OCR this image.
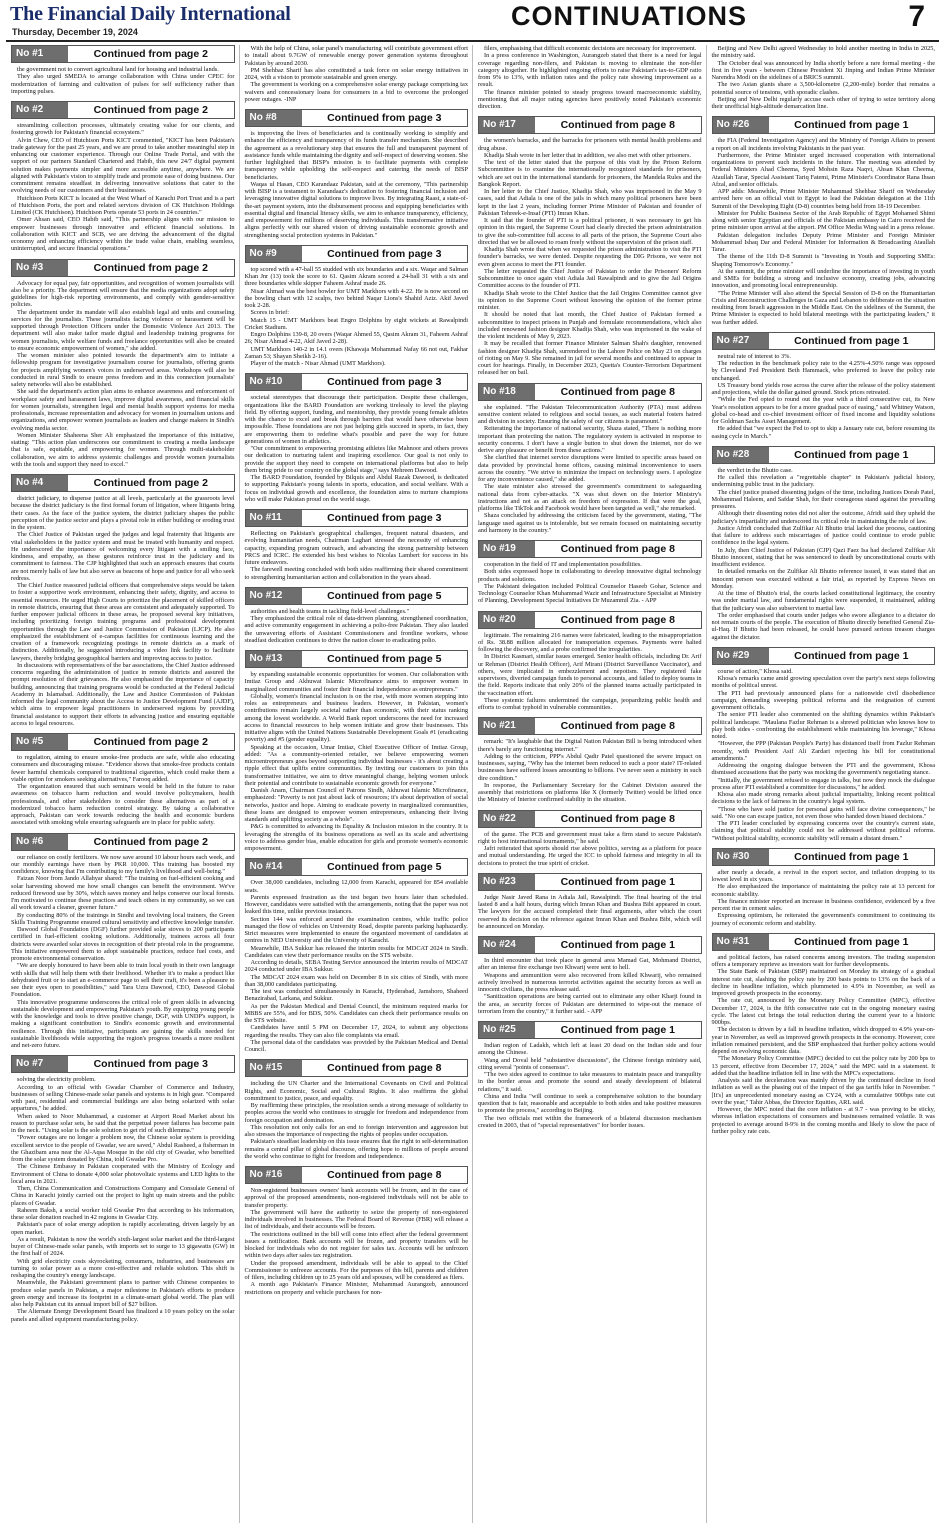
The Financial Daily International
Thursday, December 19, 2024
CONTINUATIONS	7
No #1	Continued from page 2

the government not to convert agricultural land for housing and industrial lands.

They also urged SMEDA to arrange collaboration with China under CPEC for modernization of farming and cultivation of pulses for self sufficiency rather than importing pulses.

No #2	Continued from page 2

streamlining collection processes, ultimately creating value for our clients, and fostering growth for Pakistan's financial ecosystem."

Alvin Chew, CEO of Hutchison Ports KICT commented, "KICT has been Pakistan's trade gateway for the past 25 years, and we are proud to take another meaningful step in enhancing our customer experience. Through our Online Trade Portal, and with the support of our partners Standard Chartered and Habib, this new 24/7 digital payment solution makes payments simpler and more accessible anytime, anywhere. We are aligned with Pakistan's vision to simplify trade and promote ease of doing business. Our commitment remains steadfast in delivering innovative solutions that cater to the evolving needs of our customers and their businesses.

Hutchison Ports KICT is located at the West Wharf of Karachi Port Trust and is a part of Hutchison Ports, the port and related services division of CK Hutchison Holdings Limited (CK Hutchison). Hutchison Ports operate 53 ports in 24 countries."

Omer Ahsan said, CEO Habib said, "This partnership aligns with our mission to empower businesses through innovative and efficient financial solutions. In collaboration with KICT and SCB, we are driving the advancement of the digital economy and enhancing efficiency within the trade value chain, enabling seamless, uninterrupted, and secure financial operations."

No #3	Continued from page 2

Advocacy for equal pay, fair opportunities, and recognition of women journalists will also be a priority. The department will ensure that the media organizations adopt safety guidelines for high-risk reporting environments, and comply with gender-sensitive policies.

The department under its mandate will also establish legal aid units and counseling services for the journalists. These journalists facing violence or harassment will be supported through Protection Officers under the Domestic Violence Act 2013. The department will also make tailor made digital and leadership training programs for women journalists, while welfare funds and freelance opportunities will also be created to ensure economic empowerment of women," she added.

The women minister also pointed towards the department's aim to initiate a fellowship program for investigative journalism course for journalists, offering grants for projects amplifying women's voices in underserved areas. Workshops will also be conducted in rural Sindh to ensure press freedom and in this connection journalists' safety networks will also be established.

She said the department's action plan aims to enhance awareness and enforcement of workplace safety and harassment laws, improve digital awareness, and financial skills for women journalists, strengthen legal and mental health support systems for media professionals, increase representation and advocacy for women in journalism unions and organizations, and empower women journalists as leaders and change makers in Sindh's evolving media sector.

Women Minister Shaheena Sher Ali emphasized the importance of this initiative, stating: "This action plan underscores our commitment to creating a media landscape that is safe, equitable, and empowering for women. Through multi-stakeholder collaboration, we aim to address systemic challenges and provide women journalists with the tools and support they need to excel."

No #4	Continued from page 2

district judiciary, to dispense justice at all levels, particularly at the grassroots level because the district judiciary is the first formal forum of litigation, where litigants bring their cases. As the face of the justice system, the district judiciary shapes the public perception of the justice sector and plays a pivotal role in either building or eroding trust in the system.

The Chief Justice of Pakistan urged the judges and legal fraternity that litigants are vital stakeholders in the justice system and must be treated with humanity and respect. He underscored the importance of welcoming every litigant with a smiling face, kindness, and empathy, as these gestures reinforce trust in the judiciary and its commitment to fairness. The CJP highlighted that such an approach ensures that courts are not merely halls of law but also serve as beacons of hope and justice for all who seek redress.

The Chief Justice reassured judicial officers that comprehensive steps would be taken to foster a supportive work environment, enhancing their safety, dignity, and access to essential resources. He urged High Courts to prioritize the placement of skilled officers in remote districts, ensuring that these areas are consistent and adequately supported. To further empower judicial officers in these areas, he proposed several key initiatives, including prioritizing foreign training programs and professional development opportunities through the Law and Justice Commission of Pakistan (LJCP). He also emphasized the establishment of e-campus facilities for continuous learning and the creation of a framework recognizing postings in remote districts as a mark of distinction. Additionally, he suggested introducing a video link facility to facilitate lawyers, thereby bridging geographical barriers and improving access to justice.

In discussions with representatives of the bar associations, the Chief Justice addressed concerns regarding the administration of justice in remote districts and assured the prompt resolution of their grievances. He also emphasized the importance of capacity building, announcing that training programs would be conducted at the Federal Judicial Academy in Islamabad. Additionally, the Law and Justice Commission of Pakistan informed the legal community about the Access to Justice Development Fund (AJDF), which aims to empower legal practitioners in underserved regions by providing financial assistance to support their efforts in advancing justice and ensuring equitable access to legal resources.

No #5	Continued from page 2

to regulation, aiming to ensure smoke-free products are safe, while also educating consumers and discouraging misuse. "Evidence shows that smoke-free products contain fewer harmful chemicals compared to traditional cigarettes, which could make them a viable option for smokers seeking alternatives," Farooq added.

The organization ensured that such seminars would be held in the future to raise awareness on tobacco harm reduction and would involve policymakers, health professionals, and other stakeholders to consider these alternatives as part of a modernized tobacco harm reduction control strategy. By taking a collaborative approach, Pakistan can work towards reducing the health and economic burdens associated with smoking while ensuring safeguards are in place for public safety.

No #6	Continued from page 2

our reliance on costly fertilizers. We now save around 10 labour hours each week, and our monthly earnings have risen by PKR 10,000. This training has boosted my confidence, knowing that I'm contributing to my family's livelihood and well-being."

Faizan Noor from Jando Allahyar shared: "The training on fuel-efficient cooking and solar harvesting showed me how small changes can benefit the environment. We've reduced firewood use by 30%, which saves money and helps conserve our local forests. I'm motivated to continue these practices and teach others in my community, so we can all work toward a cleaner, greener future."

By conducting 80% of the trainings in Sindhi and involving local trainers, the Green Skills Training Programme ensured cultural sensitivity and effective knowledge transfer.

Dawood Global Foundation (DGF) further provided solar stoves to 200 participants certified in fuel-efficient cooking solutions. Additionally, trainees across all four districts were awarded solar stoves in recognition of their pivotal role in the programme. This initiative empowered them to adopt sustainable practices, reduce fuel costs, and promote environmental conservation.

"We are deeply honoured to have been able to train local youth in their own language with skills that will help them with their livelihood. Whether it's to make a product like dehydrated fruit or to start an e-commerce page to sell their craft, it's been a pleasure to see their eyes open to possibilities," said Tara Uzra Dawood, CEO, Dawood Global Foundation.

This innovative programme underscores the critical role of green skills in advancing sustainable development and empowering Pakistan's youth. By equipping young people with the knowledge and tools to drive positive change, DGF, with UNDP's support, is making a significant contribution to Sindh's economic growth and environmental resilience. Through this initiative, participants are gaining the skills needed for sustainable livelihoods while supporting the region's progress towards a more resilient and net-zero future.

No #7	Continued from page 3

solving the electricity problem.

According to an official with Gwadar Chamber of Commerce and Industry, businesses of selling Chinese-made solar panels and systems is in high gear. "Compared with past, residential and commercial buildings are also being solarized with solar appartures," he added.

When asked to Noor Muhammad, a customer at Airport Road Market about his reason to purchase solar sets, he said that the perpetual power failures has become pain in the neck. "Using solar is the sole solution to get rid of such dilemma."

"Power outages are no longer a problem now, the Chinese solar system is providing excellent service to the people of Gwadar, we are saved," Abdul Rasheed, a fisherman in the Ghazibam area near the Al-Aqsa Mosque in the old city of Gwadar, who benefited from the solar system donated by China, told Gwadar Pro.

The Chinese Embassy in Pakistan cooperated with the Ministry of Ecology and Environment of China to donate 4,000 solar photovoltaic systems and LED lights to the local area in 2021.

Then, China Communication and Constructions Company and Consulate General of China in Karachi jointly carried out the project to light up main streets and the public places of Gwadar.

Raheem Baksh, a social worker told Gwadar Pro that according to his information, these solar donation reached in 42 regions in Gwadar City.

Pakistan's pace of solar energy adoption is rapidly accelerating, driven largely by an open market.

As a result, Pakistan is now the world's sixth-largest solar market and the third-largest buyer of Chinese-made solar panels, with imports set to surge to 13 gigawatts (GW) in the first half of 2024.

With grid electricity costs skyrocketing, consumers, industries, and businesses are turning to solar power as a more cost-effective and reliable solution. This shift is reshaping the country's energy landscape.

Meanwhile, the Pakistani government plans to partner with Chinese companies to produce solar panels in Pakistan, a major milestone in Pakistan's efforts to produce green energy and increase its footprint in a climate-smart global world. The plan will also help Pakistan cut its annual import bill of $27 billion.

The Alternate Energy Development Board has finalized a 10 years policy on the solar panels and allied equipment manufacturing policy.

With the help of China, solar panel's manufacturing will contribute government effort to install about 9.7GW of renewable energy power generation systems throughout Pakistan by around 2030.

PM Shehbaz Sharif has also constituted a task force on solar energy initiatives in 2024, with a vision to promote sustainable and green energy.

The government is working on a comprehensive solar energy package comprising tax waivers and concessionary loans for consumers in a bid to overcome the prolonged power outages. -INP

No #8	Continued from page 3

is improving the lives of beneficiaries and is continually working to simplify and enhance the efficiency and transparency of its funds transfer mechanism. She described the agreement as a revolutionary step that ensures the full and transparent payment of assistance funds while maintaining the dignity and self-respect of deserving women. She further highlighted that BISP's mission is to facilitate payments with complete transparency while upholding the self-respect and catering the needs of BISP beneficiaries.

Waqas ul Hasan, CEO Karandaaz Pakistan, said at the ceremony, "This partnership with BISP is a testament to Karandaaz's dedication to fostering financial inclusion and leveraging innovative digital solutions to improve lives. By integrating Raast, a state-of-the-art payment system, into the disbursement process and equipping beneficiaries with essential digital and financial literacy skills, we aim to enhance transparency, efficiency, and empowerment for millions of deserving individuals. This transformative initiative aligns perfectly with our shared vision of driving sustainable economic growth and strengthening social protection systems in Pakistan."

No #9	Continued from page 3

top scored with a 47-ball 55 studded with six boundaries and a six. Waqar and Salman Khan Jnr (13) took the score to 61. Qasim Akram scored a 24-ball 31 with a six and three boundaries while skipper Faheem Ashraf made 26.

Nisar Ahmad was the best bowler for UMT Markhors with 4-22. He is now second on the bowling chart with 12 scalps, two behind Naqar Lions's Shahid Aziz. Akif Javed took 2-28.

Scores in brief:

Match 15 - UMT Markhors beat Engro Dolphins by eight wickets at Rawalpindi Cricket Stadium.

Engro Dolphins 139-8, 20 overs (Waqar Ahmed 55, Qasim Akram 31, Faheem Ashraf 26; Nisar Ahmad 4-22, Akif Javed 2-28).

UMT Markhors 140-2 in 14.1 overs (Khawaja Mohammad Nafay 66 not out, Fakhar Zaman 53; Shayan Sheikh 2-16).

Player of the match - Nisar Ahmad (UMT Markhors).

No #10	Continued from page 3

societal stereotypes that discourage their participation. Despite these challenges, organizations like the BARD Foundation are working tirelessly to level the playing field. By offering support, funding, and mentorship, they provide young female athletes with the chance to excel and break through barriers that would have otherwise been impossible. These foundations are not just helping girls succeed in sports, in fact, they are empowering them to redefine what's possible and pave the way for future generations of women in athletics.

"Our commitment to empowering promising athletes like Mahnoor and others proves our dedication to nurturing talent and inspiring excellence. Our goal is not only to provide the support they need to compete on international platforms but also to help them bring pride to our country on the global stage," says Mehreen Dawood.

The BARD Foundation, founded by Bilquis and Abdul Razak Dawood, is dedicated to supporting Pakistan's young talents in sports, education, and social welfare. With a focus on individual growth and excellence, the foundation aims to nurture champions who will make Pakistan proud on the world stage.

No #11	Continued from page 3

Reflecting on Pakistan's geographical challenges, frequent natural disasters, and evolving humanitarian needs, Chairman Laghari stressed the necessity of enhancing capacity, expanding program outreach, and advancing the strong partnership between PRCS and ICRC. He extended his best wishes to Nicolas Lambert for success in his future endeavors.

The farewell meeting concluded with both sides reaffirming their shared commitment to strengthening humanitarian action and collaboration in the years ahead.

No #12	Continued from page 5

authorities and health teams in tackling field-level challenges."

They emphasized the critical role of data-driven planning, strengthened coordination, and active community engagement in achieving a polio-free Pakistan. They also lauded the unwavering efforts of Assistant Commissioners and frontline workers, whose steadfast dedication continues to drive the nation closer to eradicating polio.

No #13	Continued from page 5

by expanding sustainable economic opportunities for women. Our collaboration with Imtiaz Group and Akhuwat Islamic Microfinance aims to empower women in marginalized communities and foster their financial independence as entrepreneurs."

Globally, women's financial inclusion is on the rise, with more women stepping into roles as entrepreneurs and business leaders. However, in Pakistan, women's contributions remain largely societal rather than economic, with their status ranking among the lowest worldwide. A World Bank report underscores the need for increased access to financial resources to help women initiate and grow their businesses. This initiative aligns with the United Nations Sustainable Development Goals #1 (eradicating poverty) and #5 (gender equality).

Speaking at the occasion, Umar Imtiaz, Chief Executive Officer of Imtiaz Group, added: "As a community-oriented retailer, we believe empowering women microentrepreneurs goes beyond supporting individual businesses - it's about creating a ripple effect that uplifts entire communities. By inviting our customers to join this transformative initiative, we aim to drive meaningful change, helping women unlock their potential and contribute to sustainable economic growth for everyone."

Danish Anam, Chairman Council of Patrons Sindh, Akhuwat Islamic Microfinance, emphasized: "Poverty is not just about lack of resources; it's about deprivation of social networks, justice and hope. Aiming to eradicate poverty in marginalized communities, these loans are designed to empower women entrepreneurs, enhancing their living standards and uplifting society as a whole".

P&G is committed to advancing its Equality & Inclusion mission in the country. It is leveraging the strengths of its business operations as well as its scale and advertising voice to address gender bias, enable education for girls and promote women's economic empowerment.

No #14	Continued from page 5

Over 38,000 candidates, including 12,000 from Karachi, appeared for 854 available seats.

Parents expressed frustration as the test began two hours later than scheduled. However, candidates were satisfied with the arrangements, noting that the paper was not leaked this time, unlike previous instances.

Section 144 was enforced around the examination centres, while traffic police managed the flow of vehicles on University Road, despite parents parking haphazardly. Strict measures were implemented to ensure the organized movement of candidates at centres in NED University and the University of Karachi.

Meanwhile, IBA Sukkur has released the interim results for MDCAT 2024 in Sindh. Candidates can view their performance results on the STS website.

According to details, SEBA Testing Service announced the interim results of MDCAT 2024 conducted under IBA Sukkur.

The MDCAT 2024 exam was held on December 8 in six cities of Sindh, with more than 38,000 candidates participating.

The test was conducted simultaneously in Karachi, Hyderabad, Jamshoro, Shaheed Benazirabad, Larkana, and Sukkur.

As per the Pakistan Medical and Dental Council, the minimum required marks for MBBS are 55%, and for BDS, 50%. Candidates can check their performance results on the STS website.

Candidates have until 5 PM on December 17, 2024, to submit any objections regarding the results. They can also file complaints via email.

The personal data of the candidates was provided by the Pakistan Medical and Dental Council.

No #15	Continued from page 8

including the UN Charter and the International Covenants on Civil and Political Rights, and Economic, Social and Cultural Rights. It also reaffirms the global commitment to justice, peace, and equality.

By reaffirming these principles, the resolution sends a strong message of solidarity to peoples across the world who continues to struggle for freedom and independence from foreign occupation and domination.

This resolution not only calls for an end to foreign intervention and aggression but also stresses the importance of respecting the rights of peoples under occupation.

Pakistan's steadfast leadership on this issue ensures that the right to self-determination remains a central pillar of global discourse, offering hope to millions of people around the world who continue to fight for freedom and independence.

No #16	Continued from page 8

Non-registered businesses owners' bank accounts will be frozen, and in the case of approval of the proposed amendments, non-registered individuals will not be able to transfer property.

The government will have the authority to seize the property of non-registered individuals involved in businesses. The Federal Board of Revenue (FBR) will release a list of individuals, and their accounts will be frozen.

The restrictions outlined in the bill will come into effect after the federal government issues a notification. Bank accounts will be frozen, and property transfers will be blocked for individuals who do not register for sales tax. Accounts will be unfrozen within two days after sales tax registration.

Under the proposed amendment, individuals will be able to appeal to the Chief Commissioner to unfreeze accounts. For the purposes of this bill, parents and children of filers, including children up to 25 years old and spouses, will be considered as filers.

A month ago Pakistan's Finance Minister, Muhammad Aurangzeb, announced restrictions on property and vehicle purchases for non-

filers, emphasising that difficult economic decisions are necessary for improvement.

In a press conference in Washington, Aurangzeb stated that there is a need for legal coverage regarding non-filers, and Pakistan is moving to eliminate the non-filer category altogether. He highlighted ongoing efforts to raise Pakistan's tax-to-GDP ratio from 9% to 13%, with inflation rates and the policy rate showing improvement as a result.

The finance minister pointed to steady progress toward macroeconomic stability, mentioning that all major rating agencies have positively noted Pakistan's economic direction.

No #17	Continued from page 8

the women's barracks, and the barracks for prisoners with mental health problems and drug abuse.

Khadija Shah wrote in her letter that in addition, we also met with other prisoners.

The text of the letter stated that the purpose of this visit by the Prison Reform Subcommittee is to examine the internationally recognized standards for prisoners, which are set out in the international standards for prisoners, the Mandela Rules and the Bangkok Report.

In her letter to the Chief Justice, Khadija Shah, who was imprisoned in the May 9 cases, said that Adiala is one of the jails in which many political prisoners have been kept in the last 2 years, including former Prime Minister of Pakistan and founder of Pakistan Tehreek-e-Insaf (PTI) Imran Khan.

It said that the founder of PTI is a political prisoner, it was necessary to get his opinion in this regard, the Supreme Court had clearly directed the prison administration to give the sub-committee full access to all parts of the prison, the Supreme Court also directed that we be allowed to roam freely without the supervision of the prison staff.

Khadija Shah wrote that when we requested the prison administration to visit the PTI founder's barracks, we were denied. Despite requesting the DIG Prisons, we were not even given access to meet the PTI founder.

The letter requested the Chief Justice of Pakistan to order the Prisoners' Reform Subcommittee to once again visit Adiala Jail Rawalpindi and to give the Jail Origins Committee access to the founder of PTI.

Khadija Shah wrote to the Chief Justice that the Jail Origins Committee cannot give its opinion to the Supreme Court without knowing the opinion of the former prime minister.

It should be noted that last month, the Chief Justice of Pakistan formed a subcommittee to inspect prisons in Punjab and formulate recommendations, which also included renowned fashion designer Khadija Shah, who was imprisoned in the wake of the violent incidents of May 9, 2023.

It may be recalled that former Finance Minister Salman Shah's daughter, renowned fashion designer Khadija Shah, surrendered to the Lahore Police on May 23 on charges of rioting on May 9. She remained in jail for several months and continued to appear in court for hearings. Finally, in December 2023, Quetta's Counter-Terrorism Department released her on bail.

No #18	Continued from page 8

she explained. "The Pakistan Telecommunication Authority (PTA) must address sensitive content related to religious and social issues, as such material fosters hatred and division in society. Ensuring the safety of our citizens is paramount."

Reiterating the importance of national security, Shaza stated, "There is nothing more important than protecting the nation. The regulatory system is activated in response to security concerns. I don't have a single button to shut down the internet, nor do we derive any pleasure or benefit from these actions."

She clarified that internet service disruptions were limited to specific areas based on data provided by provincial home offices, causing minimal inconvenience to users across the country. "We strive to minimize the impact on technology users. I apologize for any inconvenience caused," she added.

The state minister also stressed the government's commitment to safeguarding national data from cyber-attacks. "X was shut down on the Interior Ministry's instructions and not as an attack on freedom of expression. If that were the goal, platforms like TikTok and Facebook would have been targeted as well," she remarked.

Shaza concluded by addressing the criticism faced by the government, stating, "The language used against us is intolerable, but we remain focused on maintaining security and harmony in the country."

No #19	Continued from page 8

cooperation in the field of IT and implementation possibilities.

Both sides expressed hope in collaborating to develop innovative digital technology products and solutions.

The Pakistani delegation included Political Counselor Haseeb Gohar, Science and Technology Counselor Khan Muhammad Wazir and Infrastructure Specialist at Ministry of Planning, Development Special Initiatives Dr Muzammil Zia. - APP

No #20	Continued from page 8

legitimate. The remaining 216 names were fabricated, leading to the misappropriation of Rs. 38.88 million allocated for transportation expenses. Payments were halted following the discovery, and a probe confirmed the irregularities.

In District Kasmari, similar issues emerged. Senior health officials, including Dr. Arif ur Rehman (District Health Officer), Arif Mirani (District Surveillance Vaccinator), and others, were implicated in embezzlement and nepotism. They registered fake supervisors, diverted campaign funds to personal accounts, and failed to deploy teams in the field. Reports indicate that only 20% of the planned teams actually participated in the vaccination effort.

These systemic failures undermined the campaign, jeopardizing public health and efforts to combat typhoid in vulnerable communities.

No #21	Continued from page 8

remark: "It's laughable that the Digital Nation Pakistan Bill is being introduced when there's barely any functioning internet."

Adding to the criticism, PPP's Abdul Qadir Patel questioned the severe impact on businesses, saying, "Why has the internet been reduced to such a poor state? IT-related businesses have suffered losses amounting to billions. I've never seen a ministry in such dire condition."

In response, the Parliamentary Secretary for the Cabinet Division assured the assembly that restrictions on platforms like X (formerly Twitter) would be lifted once the Ministry of Interior confirmed stability in the situation.

No #22	Continued from page 8

of the game. The PCB and government must take a firm stand to secure Pakistan's right to host international tournaments," he said.

Jafri reiterated that sports should rise above politics, serving as a platform for peace and mutual understanding. He urged the ICC to uphold fairness and integrity in all its decisions to protect the true spirit of cricket.

No #23	Continued from page 1

Judge Nasir Javed Rana in Adiala Jail, Rawalpindi. The final hearing of the trial lasted 8 and a half hours, during which Imran Khan and Bushra Bibi appeared in court. The lawyers for the accused completed their final arguments, after which the court reserved its decision on the reference against Imran Khan and Bushra Bibi, which will be announced on Monday.

No #24	Continued from page 1

In third encounter that took place in general area Mamad Gat, Mohmand District, after an intense fire exchange two Khwarij were sent to hell.

Weapons and ammunition were also recovered from killed Khwarij, who remained actively involved in numerous terrorist activities against the security forces as well as innocent civilians, the press release said.

"Sanitization operations are being carried out to eliminate any other Kharji found in the area, as security forces of Pakistan are determined to wipe-out the menace of terrorism from the country," it further said. - APP

No #25	Continued from page 1

Indian region of Ladakh, which left at least 20 dead on the Indian side and four among the Chinese.

Wang and Doval held "substantive discussions", the Chinese foreign ministry said, citing several "points of consensus".

"The two sides agreed to continue to take measures to maintain peace and tranquility in the border areas and promote the sound and steady development of bilateral relations," it said.

China and India "will continue to seek a comprehensive solution to the boundary question that is fair, reasonable and acceptable to both sides and take positive measures to promote the process," according to Beijing.

The two officials met within the framework of a bilateral discussion mechanism created in 2003, that of "special representatives" for border issues.

Beijing and New Delhi agreed Wednesday to hold another meeting in India in 2025, the ministry said.

The October deal was announced by India shortly before a rare formal meeting - the first in five years - between Chinese President Xi Jinping and Indian Prime Minister Narendra Modi on the sidelines of a BRICS summit.

The two Asian giants share a 3,500-kilometre (2,200-mile) border that remains a potential source of tensions, with sporadic clashes.

Beijing and New Delhi regularly accuse each other of trying to seize territory along their unofficial high-altitude demarcation line.

No #26	Continued from page 1

the FIA (Federal Investigation Agency) and the Ministry of Foreign Affairs to present a report on all incidents involving Pakistanis in the past year.

Furthermore, the Prime Minister urged increased cooperation with international organizations to prevent such incidents in the future. The meeting was attended by Federal Ministers Ahad Cheema, Syed Mohsin Raza Naqvi, Ahsan Khan Cheema, Ataullah Tarar, Special Assistant Tariq Fatemi, Prime Minister's Coordinator Rana Ihsan Afzal, and senior officials.

APP adds: Meanwhile, Prime Minister Muhammad Shehbaz Sharif on Wednesday arrived here on an official visit to Egypt to lead the Pakistan delegation at the 11th Summit of the Developing Eight (D-8) countries being held from 18-19 December.

Minister for Public Business Sector of the Arab Republic of Egypt Mohamed Shimi along with senior Egyptian and officials of the Pakistan embassy in Cairo received the prime minister upon arrival at the airport. PM Office Media Wing said in a press release.

Pakistan delegation includes Deputy Prime Minister and Foreign Minister Mohammad Ishaq Dar and Federal Minister for Information & Broadcasting Ataullah Tarar.

The theme of the 11th D-8 Summit is "Investing in Youth and Supporting SMEs: Shaping Tomorrow's Economy."

At the summit, the prime minister will underline the importance of investing in youth and SMEs for building a strong and inclusive economy, creating jobs, advancing innovation, and promoting local entrepreneurship.

"The Prime Minister will also attend the Special Session of D-8 on the Humanitarian Crisis and Reconstruction Challenges in Gaza and Lebanon to deliberate on the situation resulting from Israeli aggression in the Middle East. On the sidelines of the Summit, the Prime Minister is expected to hold bilateral meetings with the participating leaders," it was further added.

No #27	Continued from page 1

neutral rate of interest to 3%.

The reduction in the benchmark policy rate to the 4.25%-4.50% range was opposed by Cleveland Fed President Beth Hammack, who preferred to leave the policy rate unchanged.

US Treasury bond yields rose across the curve after the release of the policy statement and projections, while the dollar gained ground. Stock prices retreated.

"While the Fed opted to round out the year with a third consecutive cut, its New Year's resolution appears to be for a more gradual pace of easing," said Whitney Watson, global co-head and co-chief investment officer of fixed income and liquidity solutions for Goldman Sachs Asset Management.

He added that "we expect the Fed to opt to skip a January rate cut, before resuming its easing cycle in March."

No #28	Continued from page 1

the verdict in the Bhutto case.

He called this revelation a "regrettable chapter" in Pakistan's judicial history, undermining public trust in the judiciary.

The chief justice praised dissenting judges of the time, including Justices Dorab Patel, Mohammad Haleem, and Safdar Shah, for their courageous stand against the prevailing pressures.

Although their dissenting notes did not alter the outcome, Afridi said they upheld the judiciary's impartiality and underscored its critical role in maintaining the rule of law.

Justice Afridi concluded that Zulfikar Ali Bhutto trial lacked due process, cautioning that failure to address such miscarriages of justice could continue to erode public confidence in the legal system.

In July, then Chief Justice of Pakistan (CJP) Qazi Faez Isa had declared Zulfikar Ali Bhutto innocent, stating that he was sentenced to death by unconstitutional courts with insufficient evidence.

In detailed remarks on the Zulfikar Ali Bhutto reference issued, it was stated that an innocent person was executed without a fair trial, as reported by Express News on Monday.

At the time of Bhutto's trial, the courts lacked constitutional legitimacy, the country was under martial law, and fundamental rights were suspended, it maintained, adding that the judiciary was also subservient to martial law.

The order emphasised that courts under judges who swore allegiance to a dictator do not remain courts of the people. The execution of Bhutto directly benefited General Zia-ul-Haq. If Bhutto had been released, he could have pursued serious treason charges against the dictator.

No #29	Continued from page 1

course of action," Khosa said.

Khosa's remarks came amid growing speculation over the party's next steps following months of political unrest.

The PTI had previously announced plans for a nationwide civil disobedience campaign, demanding sweeping political reforms and the resignation of current government officials.

The senior PTI leader also commented on the shifting dynamics within Pakistan's political landscape. "Maulana Fazlur Rehman is a shrewd politician who knows how to play both sides - confronting the establishment while maintaining his leverage," Khosa noted.

"However, the PPP (Pakistan People's Party) has distanced itself from Fazlur Rehman recently, with President Asif Ali Zardari rejecting his bill for constitutional amendments."

Addressing the ongoing dialogue between the PTI and the government, Khosa dismissed accusations that the party was mocking the government's negotiating stance.

"Initially, the government refused to engage in talks, but now they mock the dialogue process after PTI established a committee for discussions," he added.

Khosa also made strong remarks about judicial impartiality, linking recent political decisions to the lack of fairness in the country's legal system.

"Those who have sold justice for personal gains will face divine consequences," he said. "No one can escape justice, not even those who handed down biased decisions."

The PTI leader concluded by expressing concerns over the country's current state, claiming that political stability could not be addressed without political reforms. "Without political stability, economic stability will remain a distant dream."

No #30	Continued from page 1

after nearly a decade, a revival in the export sector, and inflation dropping to its lowest level in six years.

He also emphasized the importance of maintaining the policy rate at 13 percent for economic stability.

The finance minister reported an increase in business confidence, evidenced by a five percent rise in cement sales.

Expressing optimism, he reiterated the government's commitment to continuing its journey of economic reform and stability.

No #31	Continued from page 1

and political factors, has raised concerns among investors. The trading suspension offers a temporary reprieve as investors wait for further developments.

The State Bank of Pakistan (SBP) maintained on Monday its strategy of a gradual interest rate cut, slashing the policy rate by 200 basis points to 13% on the back of a decline in headline inflation, which plummeted to 4.9% in November, as well as improved growth prospects in the economy.

The rate cut, announced by the Monetary Policy Committee (MPC), effective December 17, 2024, is the fifth consecutive rate cut in the ongoing monetary easing cycle. The latest cut brings the total reduction during the current year to a historic 900bps.

The decision is driven by a fall in headline inflation, which dropped to 4.9% year-on-year in November, as well as improved growth prospects in the economy. However, core inflation remained persistent, and the SBP emphasized that further policy actions would depend on evolving economic data.

"The Monetary Policy Committee (MPC) decided to cut the policy rate by 200 bps to 13 percent, effective from December 17, 2024," said the MPC said in a statement. It added that the headline inflation fell in line with the MPC's expectations.

Analysts said the deceleration was mainly driven by the continued decline in food inflation as well as the phasing out of the impact of the gas tariffs hike in November. "[It's] an unprecedented monetary easing as CY24, with a cumulative 900bps rate cut over the year," Tahir Abbas, the Director Equities, ARL said.

However, the MPC noted that the core inflation - at 9.7 - was proving to be sticky, whereas inflation expectations of consumers and businesses remained volatile. It was projected to average around 8-9% in the coming months and likely to slow the pace of further policy rate cuts.
